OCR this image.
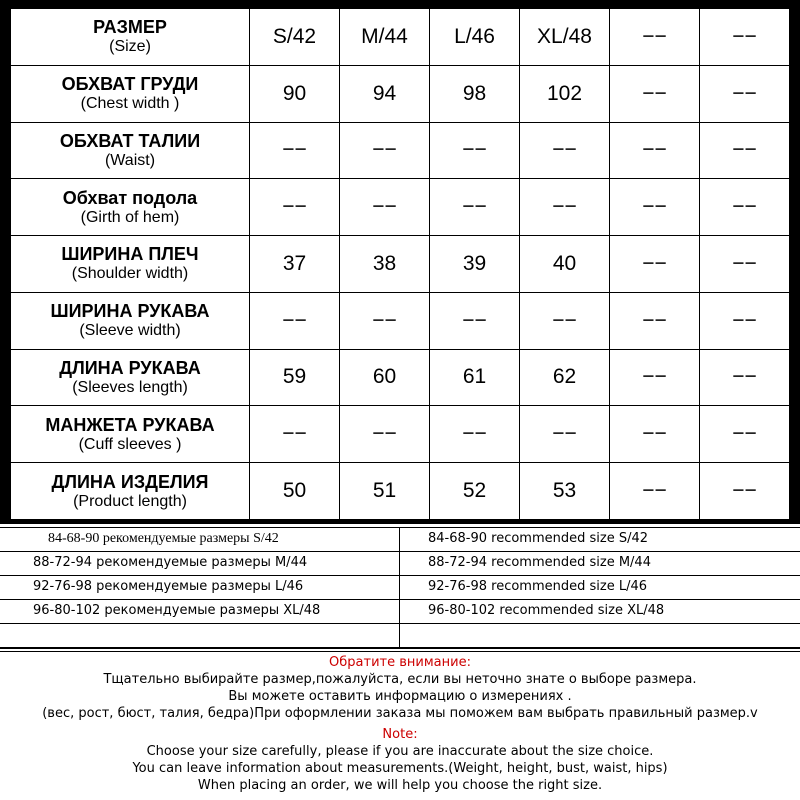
РАЗМЕР
(Size)	S/42	M/44	L/46	XL/48	−−	−−

ОБХВАТ ГРУДИ
(Chest width )	90	94	98	102	−−	−−

ОБХВАТ ТАЛИИ
(Waist)	−−	−−	−−	−−	−−	−−

Обхват подола
(Girth of hem)	−−	−−	−−	−−	−−	−−

ШИРИНА ПЛЕЧ
(Shoulder width)	37	38	39	40	−−	−−

ШИРИНА РУКАВА
(Sleeve width)	−−	−−	−−	−−	−−	−−

ДЛИНА РУКАВА
(Sleeves length)	59	60	61	62	−−	−−

МАНЖЕТА РУКАВА
(Cuff sleeves )	−−	−−	−−	−−	−−	−−

ДЛИНА ИЗДЕЛИЯ
(Product length)	50	51	52	53	−−	−−
84-68-90 рекомендуемые размеры S/42	84-68-90 recommended size S/42
88-72-94 рекомендуемые размеры M/44	88-72-94 recommended size M/44
92-76-98 рекомендуемые размеры L/46	92-76-98 recommended size L/46
96-80-102 рекомендуемые размеры XL/48	96-80-102 recommended size XL/48
Обратите внимание:
Тщательно выбирайте размер,пожалуйста, если вы неточно знате о выборе размера.
Вы можете оставить информацию о измерениях .
(вес, рост, бюст, талия, бедра)При оформлении заказа мы поможем вам выбрать правильный размер.v
Note:
Choose your size carefully, please if you are inaccurate about the size choice.
You can leave information about measurements.(Weight, height, bust, waist, hips)
When placing an order, we will help you choose the right size.
